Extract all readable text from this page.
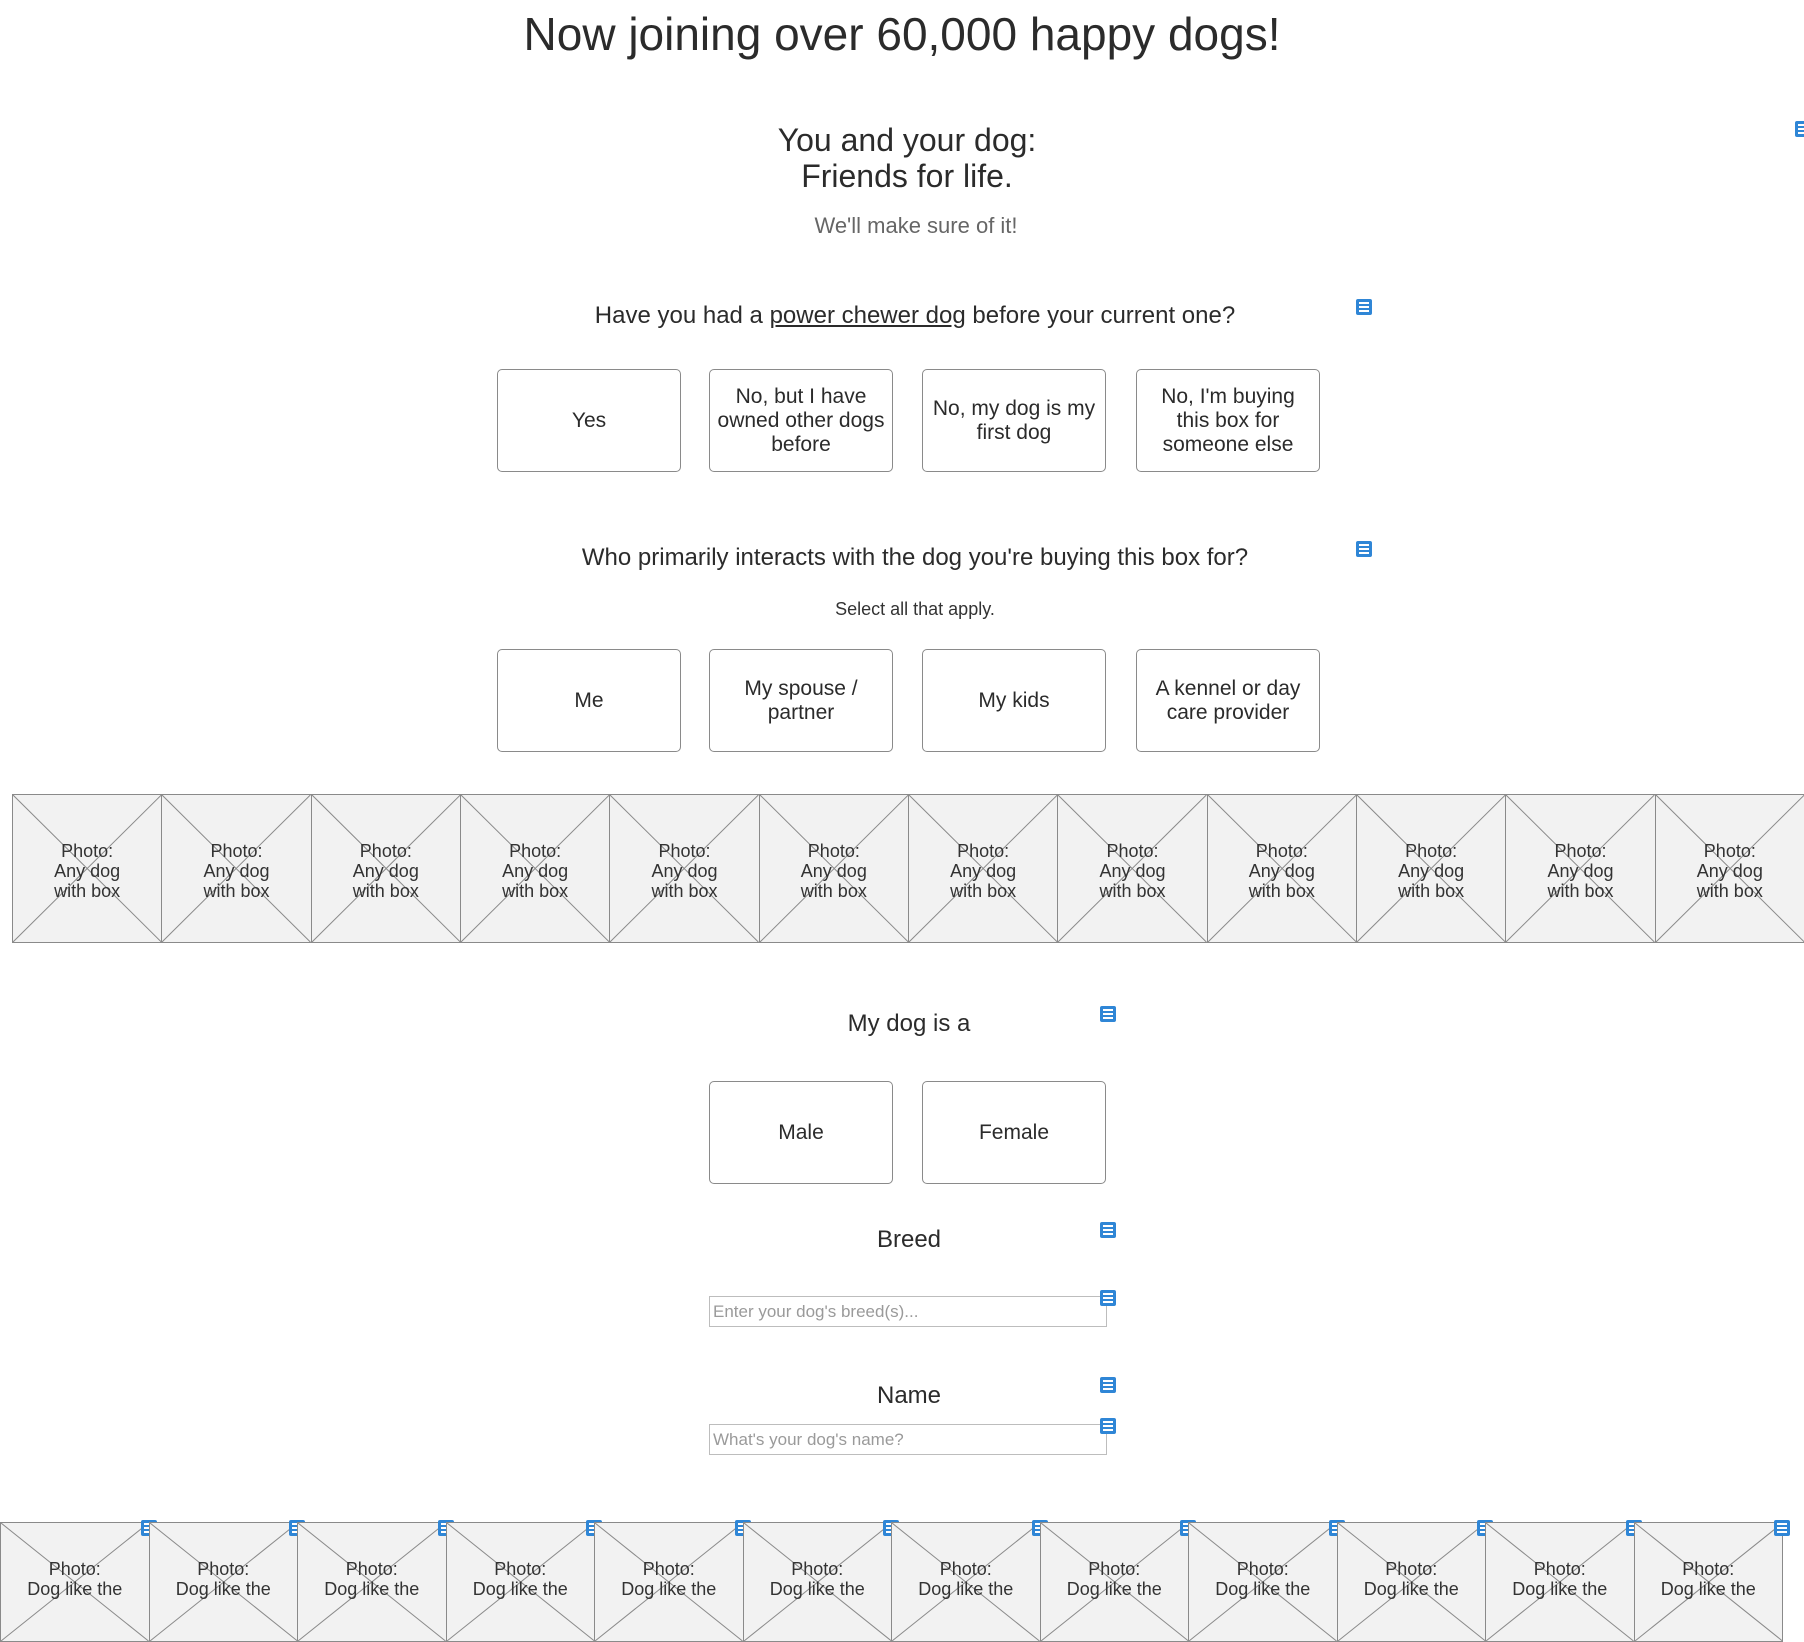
Now joining over 60,000 happy dogs!
You and your dog:
Friends for life.
We'll make sure of it!
Have you had a power chewer dog before your current one?
Yes
No, but I have owned other dogs before
No, my dog is my first dog
No, I'm buying this box for someone else
Who primarily interacts with the dog you're buying this box for?
Select all that apply.
Me
My spouse / partner
My kids
A kennel or day care provider
Photo:
Any dog
with box
Photo:
Any dog
with box
Photo:
Any dog
with box
Photo:
Any dog
with box
Photo:
Any dog
with box
Photo:
Any dog
with box
Photo:
Any dog
with box
Photo:
Any dog
with box
Photo:
Any dog
with box
Photo:
Any dog
with box
Photo:
Any dog
with box
Photo:
Any dog
with box
My dog is a
Male	Female
Breed
Enter your dog's breed(s)...
Name
What's your dog's name?
Photo:
Dog like the
Photo:
Dog like the
Photo:
Dog like the
Photo:
Dog like the
Photo:
Dog like the
Photo:
Dog like the
Photo:
Dog like the
Photo:
Dog like the
Photo:
Dog like the
Photo:
Dog like the
Photo:
Dog like the
Photo:
Dog like the
